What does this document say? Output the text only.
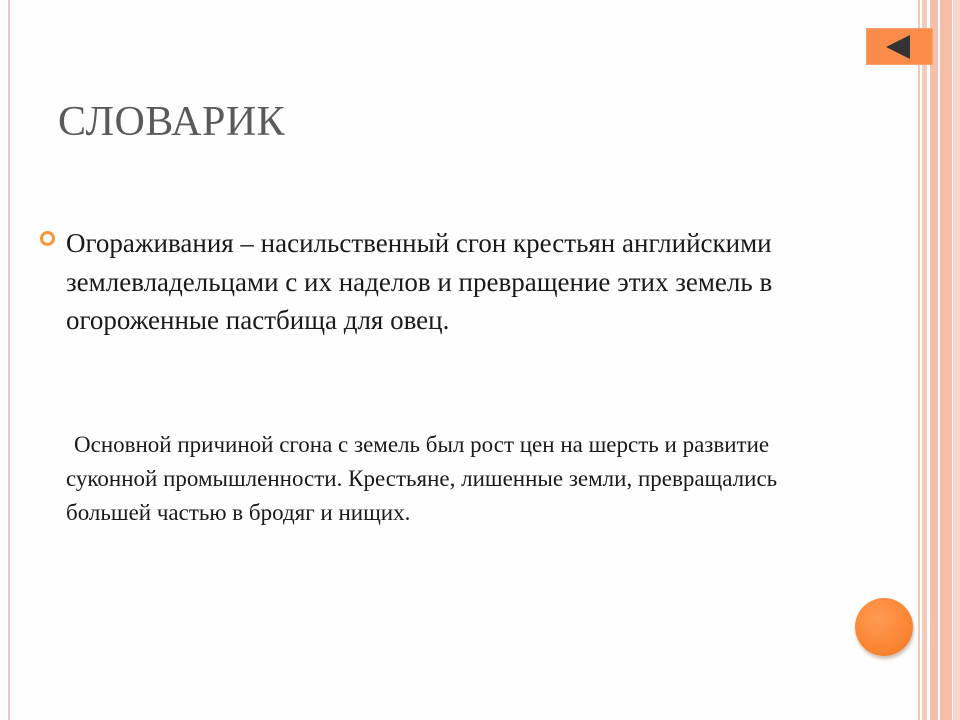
СЛОВАРИК

Огораживания – насильственный сгон крестьян английскими землевладельцами с их наделов и превращение этих земель в огороженные пастбища для овец.

Основной причиной сгона с земель был рост цен на шерсть и развитие суконной промышленности. Крестьяне, лишенные земли, превращались большей частью в бродяг и нищих.
